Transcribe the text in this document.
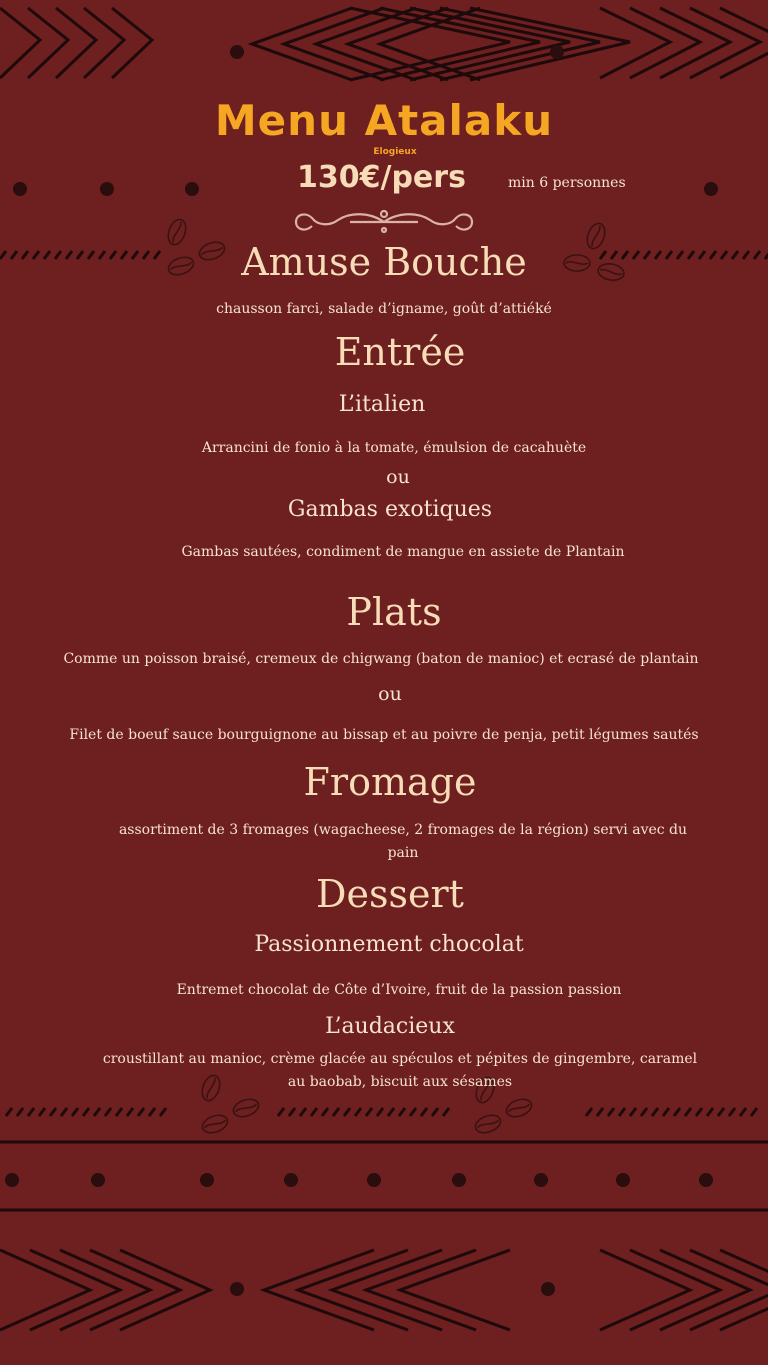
Menu Atalaku
Elogieux
130€/pers	min 6 personnes
Amuse Bouche
chausson farci, salade d’igname, goût d’attiéké
Entrée
L’italien
Arrancini de fonio à la tomate, émulsion de cacahuète
ou
Gambas exotiques
Gambas sautées, condiment de mangue en assiete de Plantain
Plats
Comme un poisson braisé, cremeux de chigwang (baton de manioc) et ecrasé de plantain
ou
Filet de boeuf sauce bourguignone au bissap et au poivre de penja, petit légumes sautés
Fromage
assortiment de 3 fromages (wagacheese, 2 fromages de la région) servi avec du pain
Dessert
Passionnement chocolat
Entremet chocolat de Côte d’Ivoire, fruit de la passion passion
L’audacieux
croustillant au manioc, crème glacée au spéculos et pépites de gingembre, caramel au baobab, biscuit aux sésames
